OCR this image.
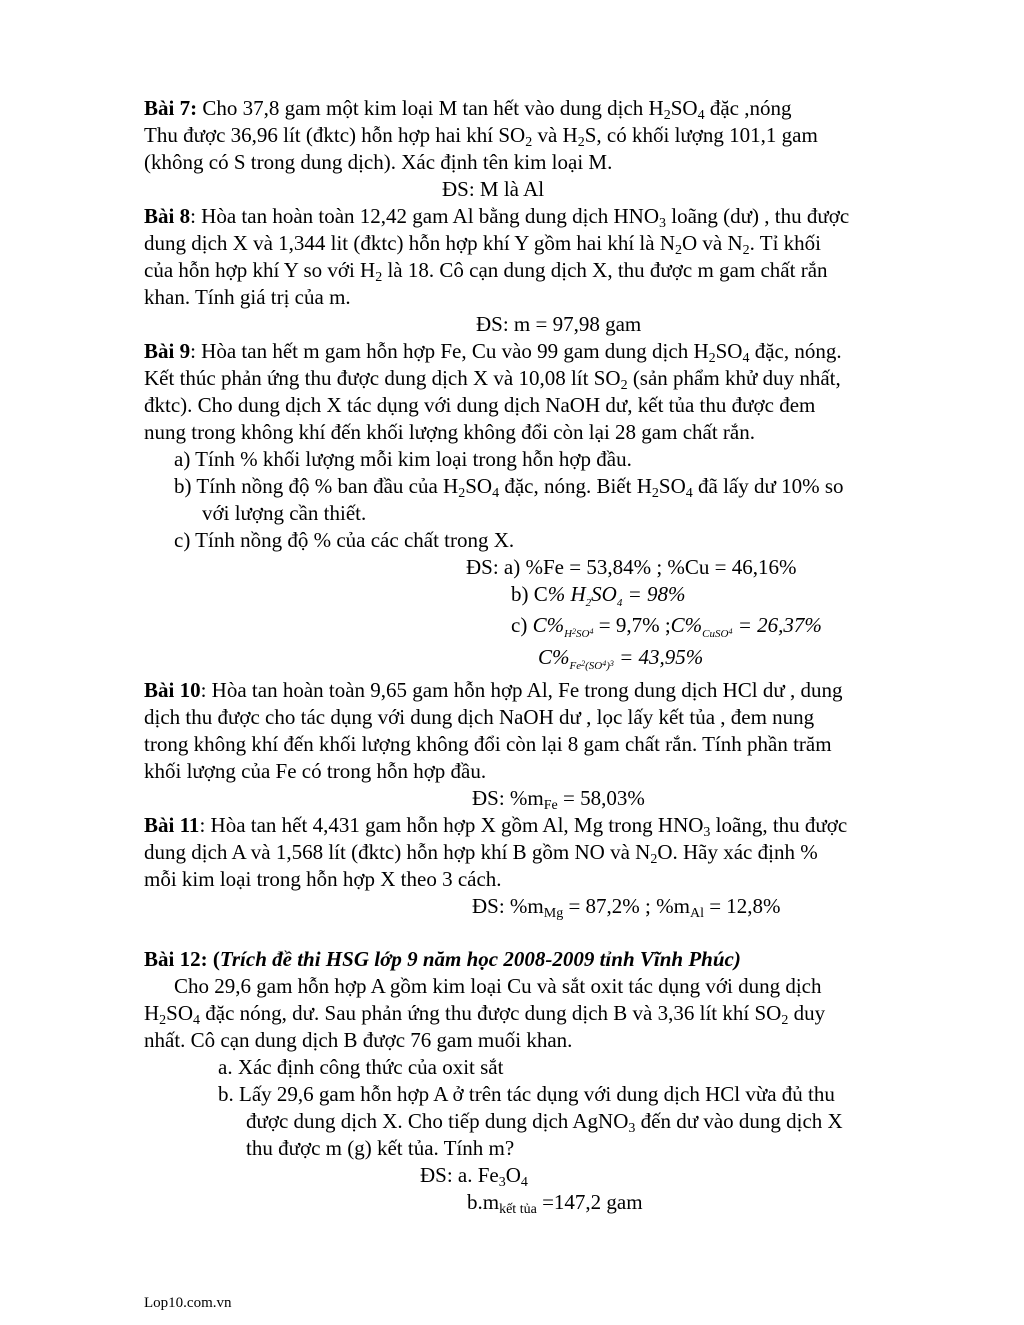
Bài 7: Cho 37,8 gam một kim loại M tan hết vào dung dịch $H_2SO_4$ đặc ,nóng
Thu được 36,96 lít (đktc) hỗn hợp hai khí $SO_2$ và $H_2S$, có khối lượng 101,1 gam
(không có S trong dung dịch). Xác định tên kim loại M.
ĐS: M là Al
Bài 8: Hòa tan hoàn toàn 12,42 gam Al bằng dung dịch $HNO_3$ loãng (dư) , thu được
dung dịch X và 1,344 lit (đktc) hỗn hợp khí Y gồm hai khí là $N_2O$ và $N_2$. Tỉ khối
của hỗn hợp khí Y so với $H_2$ là 18. Cô cạn dung dịch X, thu được m gam chất rắn
khan. Tính giá trị của m.
ĐS: m = 97,98 gam
Bài 9: Hòa tan hết m gam hỗn hợp Fe, Cu vào 99 gam dung dịch $H_2SO_4$ đặc, nóng.
Kết thúc phản ứng thu được dung dịch X và 10,08 lít $SO_2$ (sản phẩm khử duy nhất,
đktc). Cho dung dịch X tác dụng với dung dịch NaOH dư, kết tủa thu được đem
nung trong không khí đến khối lượng không đổi còn lại 28 gam chất rắn.
a) Tính % khối lượng mỗi kim loại trong hỗn hợp đầu.
b) Tính nồng độ % ban đầu của $H_2SO_4$ đặc, nóng. Biết $H_2SO_4$ đã lấy dư 10% so
với lượng cần thiết.
c) Tính nồng độ % của các chất trong X.
ĐS: a) %Fe = 53,84% ; %Cu = 46,16%
b) C% $H_2SO_4 = 98\%$
c) $C\%_H2_{SO}4 = 9,7\%$ $;C\%_{CuSO}4 = 26,37\%$
$C\%_{Fe}2_{(SO}4_)3 = 43,95\%$
Bài 10: Hòa tan hoàn toàn 9,65 gam hỗn hợp Al, Fe trong dung dịch HCl dư , dung
dịch thu được cho tác dụng với dung dịch NaOH dư , lọc lấy kết tủa , đem nung
trong không khí đến khối lượng không đổi còn lại 8 gam chất rắn. Tính phần trăm
khối lượng của Fe có trong hỗn hợp đầu.
ĐS: $\%m_{Fe} = 58,03\%$
Bài 11: Hòa tan hết 4,431 gam hỗn hợp X gồm Al, Mg trong $HNO_3$ loãng, thu được
dung dịch A và 1,568 lít (đktc) hỗn hợp khí B gồm NO và $N_2O$. Hãy xác định %
mỗi kim loại trong hỗn hợp X theo 3 cách.
ĐS: $\%m_{Mg} = 87,2\%$ ; $\%m_{Al} = 12,8\%$
Bài 12: (Trích đề thi HSG lớp 9 năm học 2008-2009 tỉnh Vĩnh Phúc)
Cho 29,6 gam hỗn hợp A gồm kim loại Cu và sắt oxit tác dụng với dung dịch
$H_2SO_4$ đặc nóng, dư. Sau phản ứng thu được dung dịch B và 3,36 lít khí $SO_2$ duy
nhất. Cô cạn dung dịch B được 76 gam muối khan.
a. Xác định công thức của oxit sắt
b. Lấy 29,6 gam hỗn hợp A ở trên tác dụng với dung dịch HCl vừa đủ thu
được dung dịch X. Cho tiếp dung dịch AgNO$_3$ đến dư vào dung dịch X
thu được m (g) kết tủa. Tính m?
ĐS: a. $Fe_3O_4$
$b.m_{kết tủa} =147,2$ gam
Lop10.com.vn
